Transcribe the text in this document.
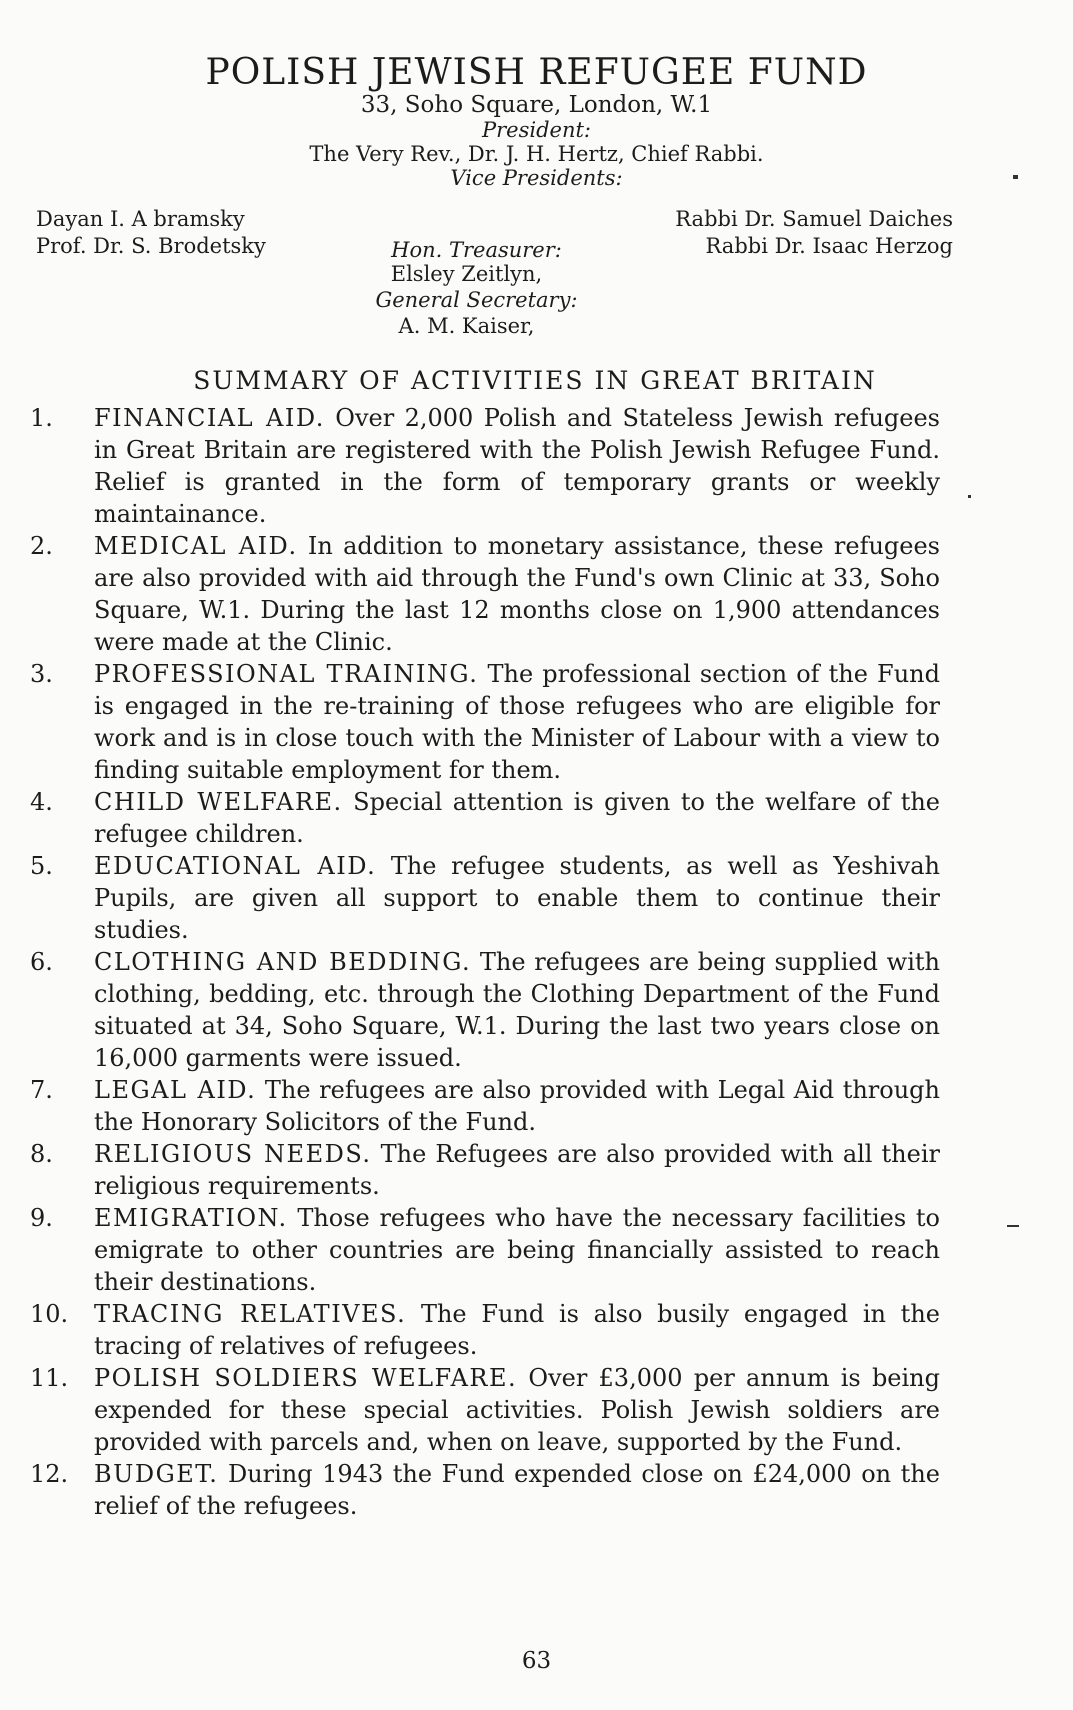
POLISH JEWISH REFUGEE FUND
33, Soho Square, London, W.1
President:
The Very Rev., Dr. J. H. Hertz, Chief Rabbi.
Vice Presidents:
Dayan I. A bramsky
Prof. Dr. S. Brodetsky
Rabbi Dr. Samuel Daiches
Rabbi Dr. Isaac Herzog
Hon. Treasurer:
Elsley Zeitlyn,
General Secretary:
A. M. Kaiser,
SUMMARY OF ACTIVITIES IN GREAT BRITAIN
1.	FINANCIAL AID. Over 2,000 Polish and Stateless Jewish refugees in Great Britain are registered with the Polish Jewish Refugee Fund. Relief is granted in the form of temporary grants or weekly maintainance.
2.	MEDICAL AID. In addition to monetary assistance, these refugees are also provided with aid through the Fund's own Clinic at 33, Soho Square, W.1. During the last 12 months close on 1,900 attendances were made at the Clinic.
3.	PROFESSIONAL TRAINING. The professional section of the Fund is engaged in the re-training of those refugees who are eligible for work and is in close touch with the Minister of Labour with a view to finding suitable employment for them.
4.	CHILD WELFARE. Special attention is given to the welfare of the refugee children.
5.	EDUCATIONAL AID. The refugee students, as well as Yeshivah Pupils, are given all support to enable them to continue their studies.
6.	CLOTHING AND BEDDING. The refugees are being supplied with clothing, bedding, etc. through the Clothing Department of the Fund situated at 34, Soho Square, W.1. During the last two years close on 16,000 garments were issued.
7.	LEGAL AID. The refugees are also provided with Legal Aid through the Honorary Solicitors of the Fund.
8.	RELIGIOUS NEEDS. The Refugees are also provided with all their religious requirements.
9.	EMIGRATION. Those refugees who have the necessary facilities to emigrate to other countries are being financially assisted to reach their destinations.
10.	TRACING RELATIVES. The Fund is also busily engaged in the tracing of relatives of refugees.
11.	POLISH SOLDIERS WELFARE. Over £3,000 per annum is being expended for these special activities. Polish Jewish soldiers are provided with parcels and, when on leave, supported by the Fund.
12.	BUDGET. During 1943 the Fund expended close on £24,000 on the relief of the refugees.
63
